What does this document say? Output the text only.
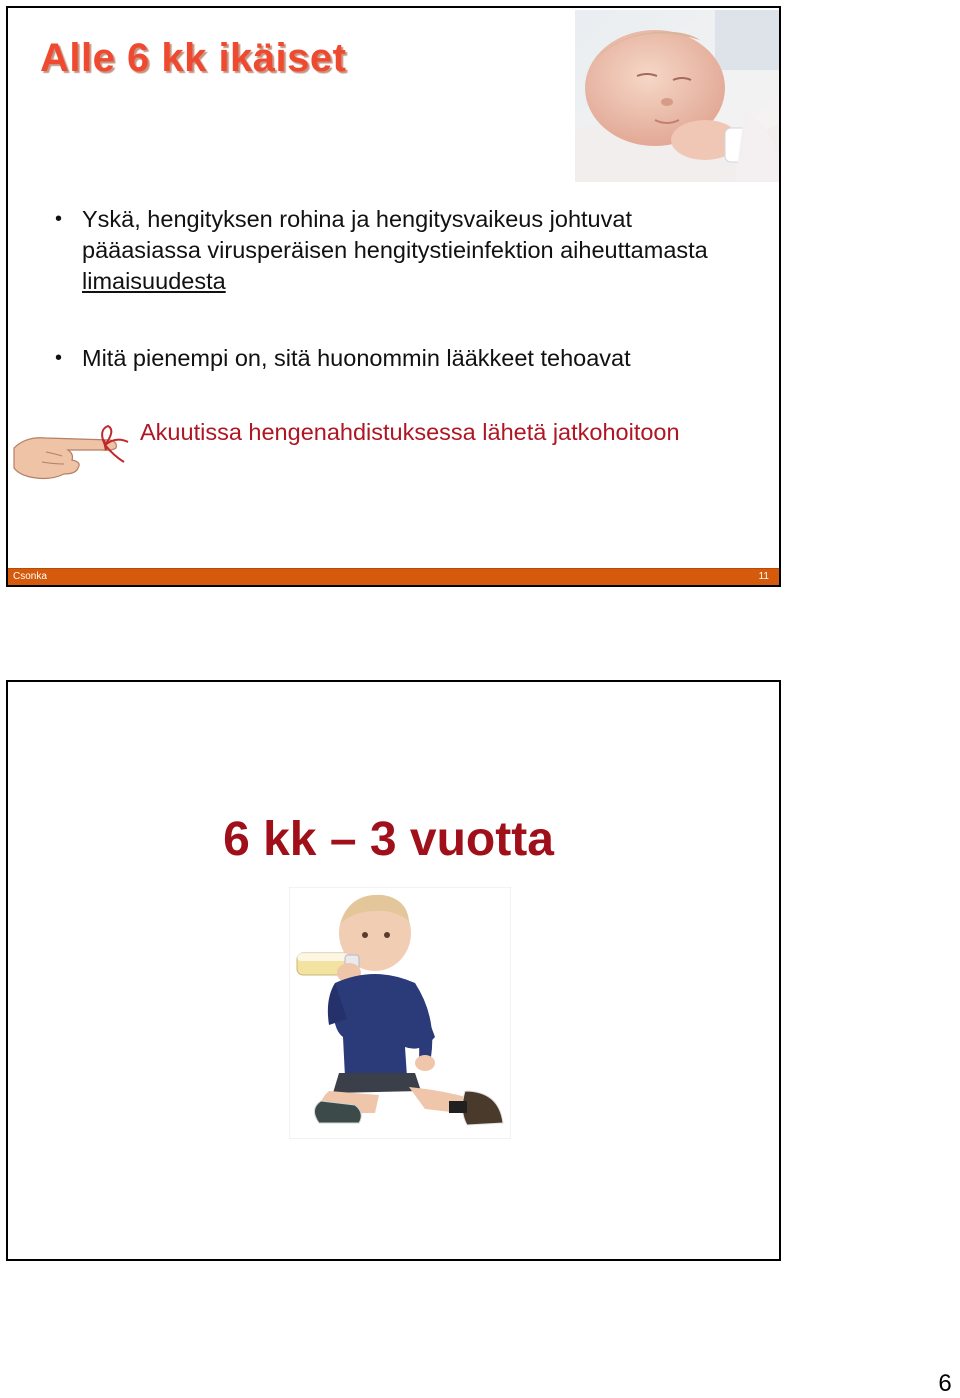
Alle 6 kk ikäiset
• Yskä, hengityksen rohina ja hengitysvaikeus johtuvat pääasiassa virusperäisen hengitystieinfektion aiheuttamasta limaisuudesta
• Mitä pienempi on, sitä huonommin lääkkeet tehoavat
Akuutissa hengenahdistuksessa lähetä jatkohoitoon
Csonka	11
6 kk – 3 vuotta
6
